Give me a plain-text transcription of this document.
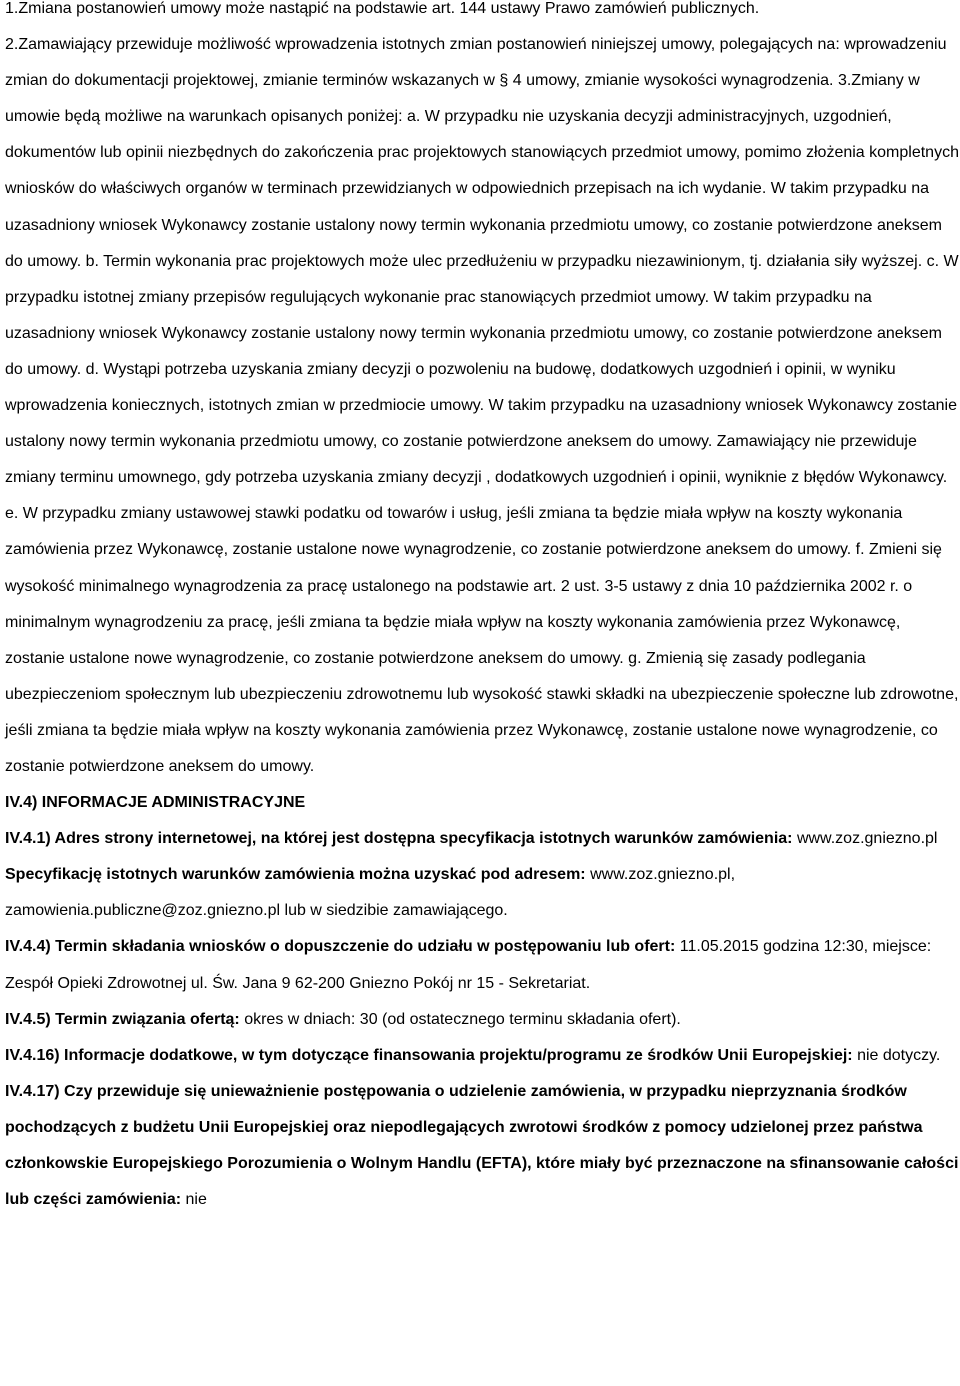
1.Zmiana postanowień umowy może nastąpić na podstawie art. 144 ustawy Prawo zamówień publicznych.

2.Zamawiający przewiduje możliwość wprowadzenia istotnych zmian postanowień niniejszej umowy, polegających na: wprowadzeniu zmian do dokumentacji projektowej, zmianie terminów wskazanych w § 4 umowy, zmianie wysokości wynagrodzenia. 3.Zmiany w umowie będą możliwe na warunkach opisanych poniżej: a. W przypadku nie uzyskania decyzji administracyjnych, uzgodnień, dokumentów lub opinii niezbędnych do zakończenia prac projektowych stanowiących przedmiot umowy, pomimo złożenia kompletnych wniosków do właściwych organów w terminach przewidzianych w odpowiednich przepisach na ich wydanie. W takim przypadku na uzasadniony wniosek Wykonawcy zostanie ustalony nowy termin wykonania przedmiotu umowy, co zostanie potwierdzone aneksem do umowy. b. Termin wykonania prac projektowych może ulec przedłużeniu w przypadku niezawinionym, tj. działania siły wyższej. c. W przypadku istotnej zmiany przepisów regulujących wykonanie prac stanowiących przedmiot umowy. W takim przypadku na uzasadniony wniosek Wykonawcy zostanie ustalony nowy termin wykonania przedmiotu umowy, co zostanie potwierdzone aneksem do umowy. d. Wystąpi potrzeba uzyskania zmiany decyzji o pozwoleniu na budowę, dodatkowych uzgodnień i opinii, w wyniku wprowadzenia koniecznych, istotnych zmian w przedmiocie umowy. W takim przypadku na uzasadniony wniosek Wykonawcy zostanie ustalony nowy termin wykonania przedmiotu umowy, co zostanie potwierdzone aneksem do umowy. Zamawiający nie przewiduje zmiany terminu umownego, gdy potrzeba uzyskania zmiany decyzji , dodatkowych uzgodnień i opinii, wyniknie z błędów Wykonawcy. e. W przypadku zmiany ustawowej stawki podatku od towarów i usług, jeśli zmiana ta będzie miała wpływ na koszty wykonania zamówienia przez Wykonawcę, zostanie ustalone nowe wynagrodzenie, co zostanie potwierdzone aneksem do umowy. f. Zmieni się wysokość minimalnego wynagrodzenia za pracę ustalonego na podstawie art. 2 ust. 3-5 ustawy z dnia 10 października 2002 r. o minimalnym wynagrodzeniu za pracę, jeśli zmiana ta będzie miała wpływ na koszty wykonania zamówienia przez Wykonawcę, zostanie ustalone nowe wynagrodzenie, co zostanie potwierdzone aneksem do umowy. g. Zmienią się zasady podlegania ubezpieczeniom społecznym lub ubezpieczeniu zdrowotnemu lub wysokość stawki składki na ubezpieczenie społeczne lub zdrowotne, jeśli zmiana ta będzie miała wpływ na koszty wykonania zamówienia przez Wykonawcę, zostanie ustalone nowe wynagrodzenie, co zostanie potwierdzone aneksem do umowy.

IV.4) INFORMACJE ADMINISTRACYJNE

IV.4.1) Adres strony internetowej, na której jest dostępna specyfikacja istotnych warunków zamówienia: www.zoz.gniezno.pl

Specyfikację istotnych warunków zamówienia można uzyskać pod adresem: www.zoz.gniezno.pl, zamowienia.publiczne@zoz.gniezno.pl lub w siedzibie zamawiającego.

IV.4.4) Termin składania wniosków o dopuszczenie do udziału w postępowaniu lub ofert: 11.05.2015 godzina 12:30, miejsce: Zespół Opieki Zdrowotnej ul. Św. Jana 9 62-200 Gniezno Pokój nr 15 - Sekretariat.

IV.4.5) Termin związania ofertą: okres w dniach: 30 (od ostatecznego terminu składania ofert).

IV.4.16) Informacje dodatkowe, w tym dotyczące finansowania projektu/programu ze środków Unii Europejskiej: nie dotyczy.

IV.4.17) Czy przewiduje się unieważnienie postępowania o udzielenie zamówienia, w przypadku nieprzyznania środków pochodzących z budżetu Unii Europejskiej oraz niepodlegających zwrotowi środków z pomocy udzielonej przez państwa członkowskie Europejskiego Porozumienia o Wolnym Handlu (EFTA), które miały być przeznaczone na sfinansowanie całości lub części zamówienia: nie
